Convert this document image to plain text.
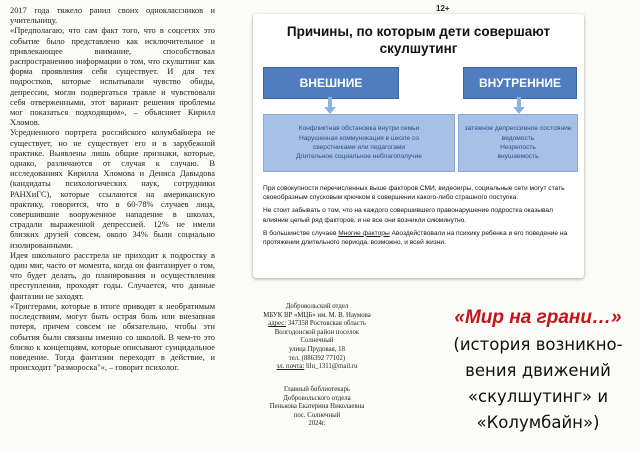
2017 года тяжело ранил своих одноклассников и учительницу.

«Предполагаю, что сам факт того, что в соцсетях это событие было представлено как исключительное и привлекающее внимание, способствовал распространению информации о том, что скулштинг как форма проявления себя существует. И для тех подростков, которые испытывали чувство обиды, депрессии, могли подвергаться травле и чувствовали себя отверженными, этот вариант решения проблемы мог показаться подходящим», – объясняет Кирилл Хломов.

Усредненного портрета российского колумбайнера не существует, но не существует его и в зарубежной практике. Выявлены лишь общие признаки, которые, однако, различаются от случая к случаю. В исследованиях Кирилла Хломова и Дениса Давыдова (кандидаты психологических наук, сотрудники РАНХиГС), которые ссылаются на американскую практику, говорится, что в 60-78% случаев лица, совершившие вооруженное нападение в школах, страдали выраженной депрессией. 12% не имели близких друзей совсем, около 34% были социально изолированными.

Идея школьного расстрела не приходит к подростку в один миг, часто от момента, когда он фантазирует о том, что будет делать, до планирования и осуществления преступления, проходят годы. Случается, что данные фантазии не заходят.

«Триггерами, которые в итоге приводят к необратимым последствиям, могут быть острая боль или внезапная потеря, причем совсем не обязательно, чтобы эти события были связаны именно со школой. В чем-то это близко к концепциям, которые описывают суицидальное поведение. Тогда фантазии переходят в действие, и происходит "размороска"», – говорит психолог.

12+
Причины, по которым дети совершают
скулшутинг
ВНЕШНИЕ	ВНУТРЕННИЕ
Конфликтная обстановка внутри семьи
Нарушенная коммуникация в школе со
сверстниками или педагогами
Длительное социальное неблагополучие
затяжное депрессивное состояние
ведомость
Незрелость
внушаемость

При совокупности перечисленных выше факторов СМИ, видеоигры, социальные сети могут стать своеобразным спусковым крючком в совершении какого-либо страшного поступка.

Не стоит забывать о том, что на каждого совершившего правонарушение подростка оказывал влияние целый ряд факторов, и не все они возникли сиюминутно.

В большинстве случаев Многие факторы Авоздействовали на психику ребенка и его поведение на протяжении длительного периода, возможно, и всей жизни.

Добровольский отдел
МБУК ВР «МЦБ» им. М. В. Наумова
адрес: 347358 Ростовская область
Волгодонской район поселок Солнечный
улица Прудовая, 18
тел. (886392 77102)
эл. почта: lilu_1311@mail.ru
Главный библиотекарь
Добровольского отдела
Пенькова Екатерина Николаевна
пос. Солнечный
2024г.
«Мир на грани…»
(история возникно-
вения движений
«скулшутинг» и
«Колумбайн»)
